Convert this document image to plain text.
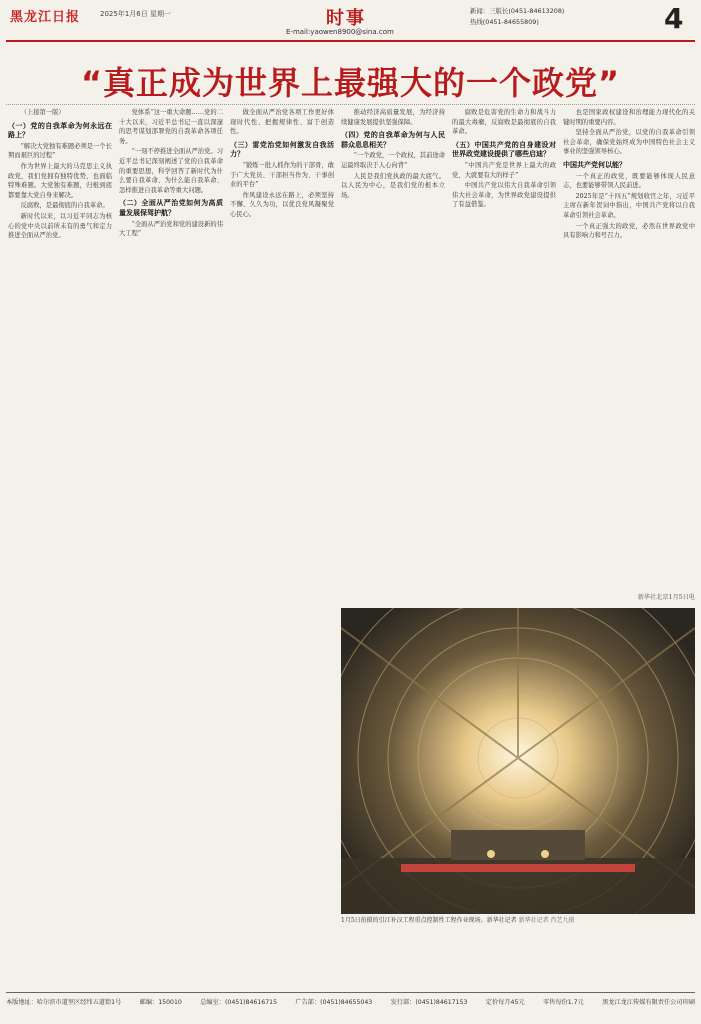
黑龙江日报	2025年1月6日 星期一	时事
E-mail:yaowen8900@sina.com
新闻：三版长(0451-84613208)
热线(0451-84655809)	4
“真正成为世界上最强大的一个政党”

（上接第一版）

（一）党的自我革命为何永远在路上？

“解决大党独有难题必须是一个长期而艰巨的过程”

作为世界上最大的马克思主义执政党，我们党拥有独特优势，也面临特殊难题。大党独有难题，归根到底都要靠大党自身来解决。

反腐败，是最彻底的自我革命。

新时代以来，以习近平同志为核心的党中央以前所未有的勇气和定力推进全面从严治党。

党体系“这一重大命题……党的二十大以来，习近平总书记一直以深邃的思考谋划部署党的自我革命各项任务。

“一刻不停推进全面从严治党。习近平总书记深刻阐述了党的自我革命的重要思想，科学回答了新时代为什么要自我革命、为什么能自我革命、怎样推进自我革命等重大问题。

（二）全面从严治党如何为高质量发展保驾护航？

“全面从严治党和党的建设新的伟大工程”

做全面从严治党各项工作更好体现时代性、把握规律性、富于创造性。

（三）雷党治党如何激发自我活力？

“锻炼一批人抓作为的干部骨，敢于广大党员、干部担当作为、干事创业的平台”

作风建设永远在路上，必须坚持不懈、久久为功，以优良党风凝聚党心民心。

推动经济高质量发展，为经济持续健康发展提供坚强保障。

（四）党的自我革命为何与人民群众息息相关？

“一个政党，一个政权，其前途命运最终取决于人心向背”

人民是我们党执政的最大底气。以人民为中心，是我们党的根本立场。

腐败是危害党的生命力和战斗力的最大毒瘤，反腐败是最彻底的自我革命。

（五）中国共产党的自身建设对世界政党建设提供了哪些启迪？

“中国共产党是世界上最大的政党，大就要有大的样子”

中国共产党以伟大自我革命引领伟大社会革命，为世界政党建设提供了有益借鉴。

也是国家政权建设和治理能力现代化的关键时期的重要内容。

坚持全面从严治党，以党的自我革命引领社会革命，确保党始终成为中国特色社会主义事业的坚强领导核心。

中国共产党何以能？

一个真正的政党，既要能够体现人民意志，也要能够带领人民前进。

2025年是“十四五”规划收官之年，习近平主席在新年贺词中指出，中国共产党将以自我革命引领社会革命。

一个真正强大的政党，必然在世界政党中具有影响力和号召力。

新华社北京1月5日电
1月5日拍摄的引江补汉工程重点控制性工程作业现场。新华社记者 新华社记者 肖艺九摄
本版地址：哈尔滨市道里区经纬五道街1号	邮编：150010	总编室：(0451)84616715	广告部：(0451)84655043	发行部：(0451)84617153	定价每月45元	零售每份1.7元	黑龙江龙江传媒有限责任公司印刷
